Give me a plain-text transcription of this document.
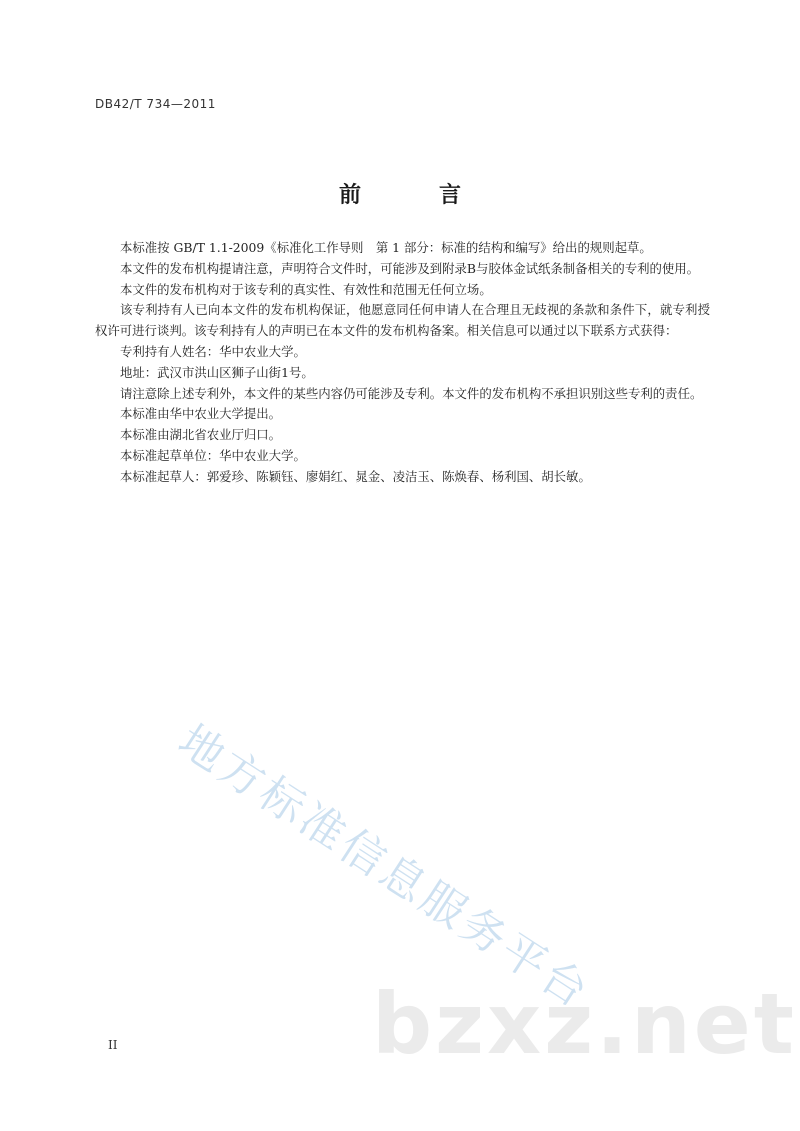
DB42/T 734—2011
前　言

本标准按 GB/T 1.1-2009《标准化工作导则　第 1 部分：标准的结构和编写》给出的规则起草。

本文件的发布机构提请注意，声明符合文件时，可能涉及到附录B与胶体金试纸条制备相关的专利的使用。

本文件的发布机构对于该专利的真实性、有效性和范围无任何立场。

该专利持有人已向本文件的发布机构保证，他愿意同任何申请人在合理且无歧视的条款和条件下，就专利授权许可进行谈判。该专利持有人的声明已在本文件的发布机构备案。相关信息可以通过以下联系方式获得：

专利持有人姓名：华中农业大学。

地址：武汉市洪山区狮子山街1号。

请注意除上述专利外，本文件的某些内容仍可能涉及专利。本文件的发布机构不承担识别这些专利的责任。

本标准由华中农业大学提出。

本标准由湖北省农业厅归口。

本标准起草单位：华中农业大学。

本标准起草人：郭爱珍、陈颖钰、廖娟红、晁金、凌洁玉、陈焕春、杨利国、胡长敏。

地方标准信息服务平台
bzxz.net
II
